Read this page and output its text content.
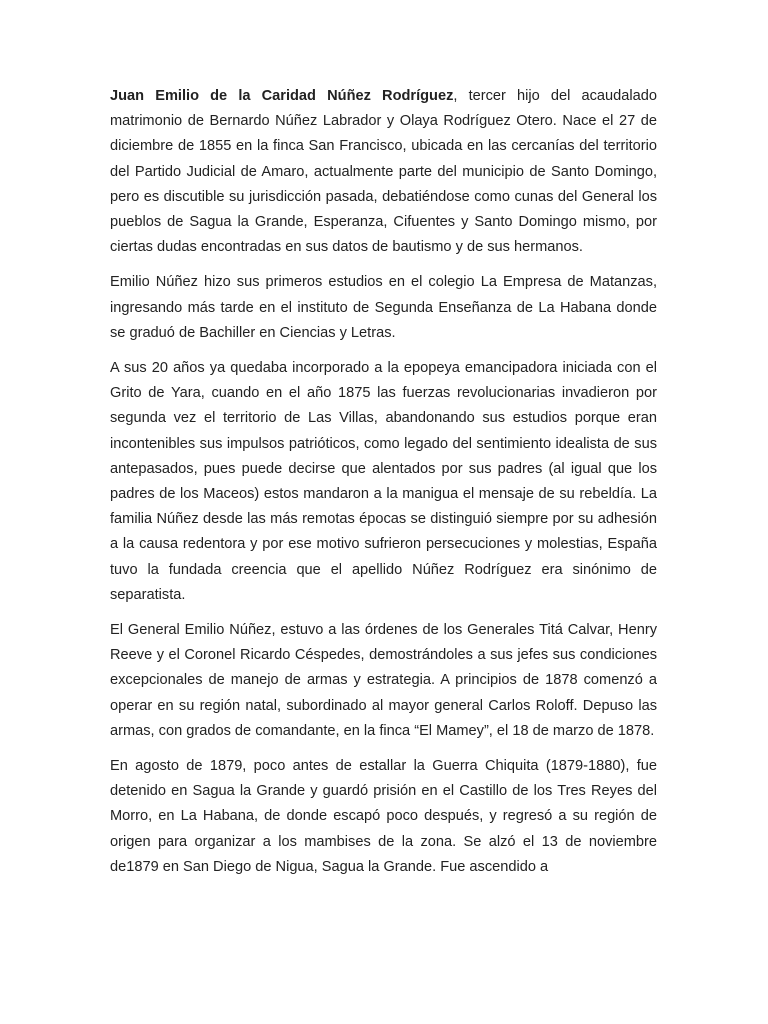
Juan Emilio de la Caridad Núñez Rodríguez, tercer hijo del acaudalado matrimonio de Bernardo Núñez Labrador y Olaya Rodríguez Otero. Nace el 27 de diciembre de 1855 en la finca San Francisco, ubicada en las cercanías del territorio del Partido Judicial de Amaro, actualmente parte del municipio de Santo Domingo, pero es discutible su jurisdicción pasada, debatiéndose como cunas del General los pueblos de Sagua la Grande, Esperanza, Cifuentes y Santo Domingo mismo, por ciertas dudas encontradas en sus datos de bautismo y de sus hermanos.

Emilio Núñez hizo sus primeros estudios en el colegio La Empresa de Matanzas, ingresando más tarde en el instituto de Segunda Enseñanza de La Habana donde se graduó de Bachiller en Ciencias y Letras.

A sus 20 años ya quedaba incorporado a la epopeya emancipadora iniciada con el Grito de Yara, cuando en el año 1875 las fuerzas revolucionarias invadieron por segunda vez el territorio de Las Villas, abandonando sus estudios porque eran incontenibles sus impulsos patrióticos, como legado del sentimiento idealista de sus antepasados, pues puede decirse que alentados por sus padres (al igual que los padres de los Maceos) estos mandaron a la manigua el mensaje de su rebeldía. La familia Núñez desde las más remotas épocas se distinguió siempre por su adhesión a la causa redentora y por ese motivo sufrieron persecuciones y molestias, España tuvo la fundada creencia que el apellido Núñez Rodríguez era sinónimo de separatista.

El General Emilio Núñez, estuvo a las órdenes de los Generales Titá Calvar, Henry Reeve y el Coronel Ricardo Céspedes, demostrándoles a sus jefes sus condiciones excepcionales de manejo de armas y estrategia. A principios de 1878 comenzó a operar en su región natal, subordinado al mayor general Carlos Roloff. Depuso las armas, con grados de comandante, en la finca “El Mamey”, el 18 de marzo de 1878.

En agosto de 1879, poco antes de estallar la Guerra Chiquita (1879-1880), fue detenido en Sagua la Grande y guardó prisión en el Castillo de los Tres Reyes del Morro, en La Habana, de donde escapó poco después, y regresó a su región de origen para organizar a los mambises de la zona. Se alzó el 13 de noviembre de1879 en San Diego de Nigua, Sagua la Grande. Fue ascendido a
